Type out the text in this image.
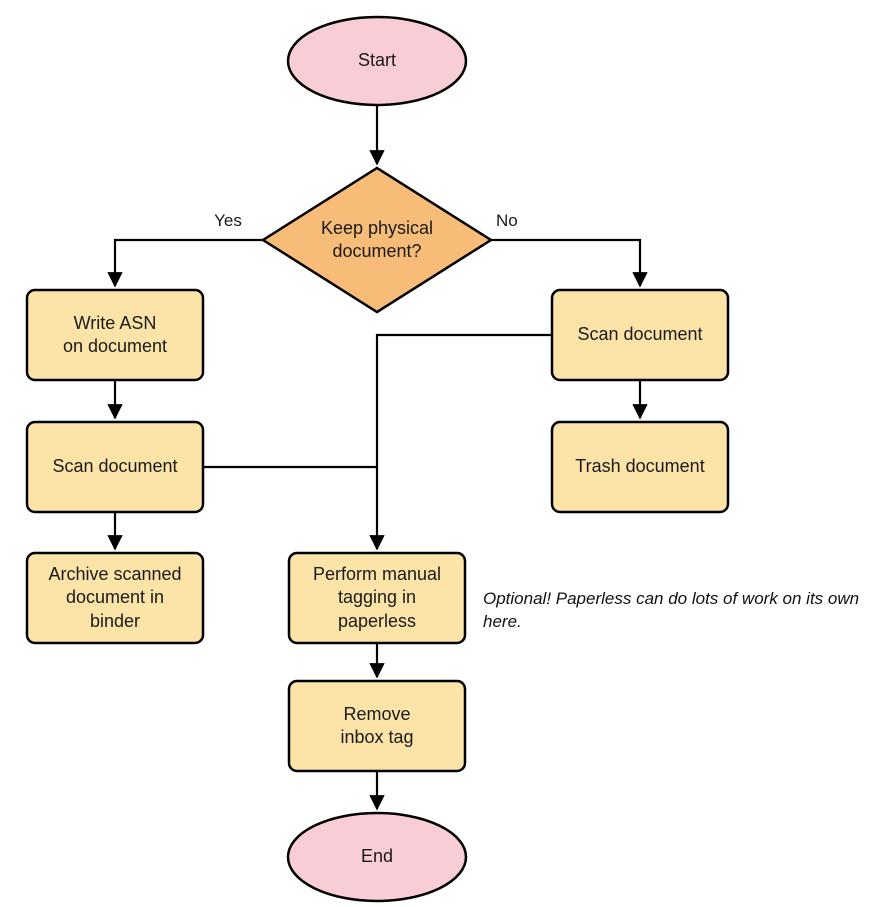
Start
Keep physical
document?
Write ASN
on document
Scan document
Archive scanned
document in
binder
Scan document
Trash document
Perform manual
tagging in
paperless
Remove
inbox tag
End
Yes	No
Optional! Paperless can do lots of work on its own here.
